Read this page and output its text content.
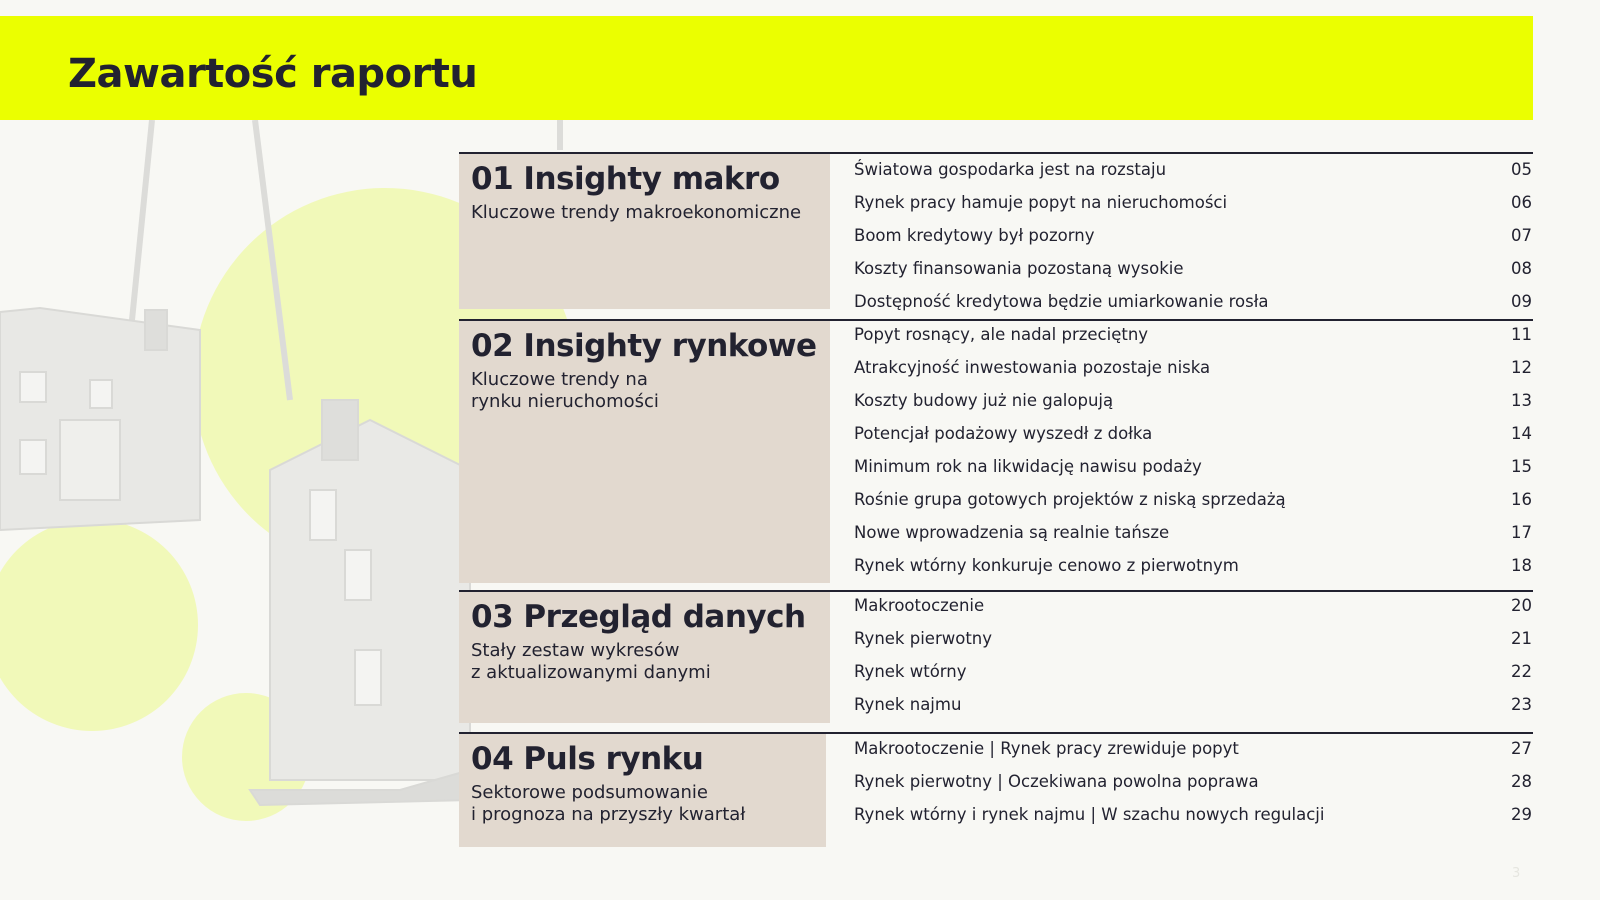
Zawartość raportu
01 Insighty makro
Kluczowe trendy makroekonomiczne
Światowa gospodarka jest na rozstaju	05
Rynek pracy hamuje popyt na nieruchomości	06
Boom kredytowy był pozorny	07
Koszty finansowania pozostaną wysokie	08
Dostępność kredytowa będzie umiarkowanie rosła	09
02 Insighty rynkowe
Kluczowe trendy na
rynku nieruchomości
Popyt rosnący, ale nadal przeciętny	11
Atrakcyjność inwestowania pozostaje niska	12
Koszty budowy już nie galopują	13
Potencjał podażowy wyszedł z dołka	14
Minimum rok na likwidację nawisu podaży	15
Rośnie grupa gotowych projektów z niską sprzedażą	16
Nowe wprowadzenia są realnie tańsze	17
Rynek wtórny konkuruje cenowo z pierwotnym	18
03 Przegląd danych
Stały zestaw wykresów
z aktualizowanymi danymi
Makrootoczenie	20
Rynek pierwotny	21
Rynek wtórny	22
Rynek najmu	23
04 Puls rynku
Sektorowe podsumowanie
i prognoza na przyszły kwartał
Makrootoczenie | Rynek pracy zrewiduje popyt	27
Rynek pierwotny | Oczekiwana powolna poprawa	28
Rynek wtórny i rynek najmu | W szachu nowych regulacji	29
3
